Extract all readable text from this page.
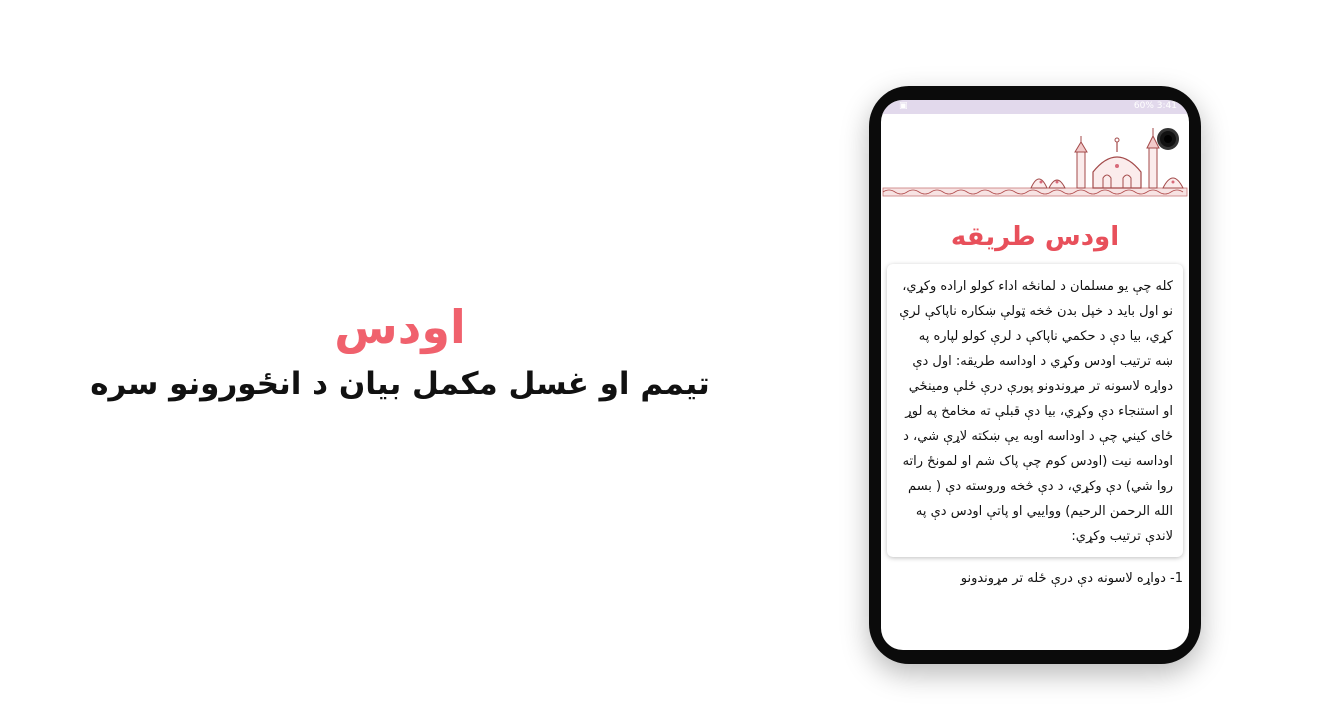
اودس

تیمم او غسل مکمل بیان د انځورونو سره

▣	60% 3:41
اودس طريقه
كله چې يو مسلمان د لمانځه اداء كولو اراده وكړي، نو اول بايد د خپل بدن څخه ټولې ښكاره ناپاكې لرې كړي، بيا دې د حكمي ناپاكې د لرې كولو لپاره په ښه ترتيب اودس وكړي د اوداسه طريقه: اول دې دواړه لاسونه تر مړوندونو پورې درې ځلې ومينځي او استنجاء دې وكړي، بيا دې قبلې ته مخامخ په لوړ ځاى كيني چې د اوداسه اوبه يې ښكته لاړې شي، د اوداسه نيت (اودس كوم چې پاک شم او لمونځ راته روا شي) دې وكړي، د دې څخه وروسته دې ( بسم الله الرحمن الرحيم) وواييي او پاتې اودس دې په لاندې ترتيب وكړي:
1- دواړه لاسونه دې درې ځله تر مړوندونو
